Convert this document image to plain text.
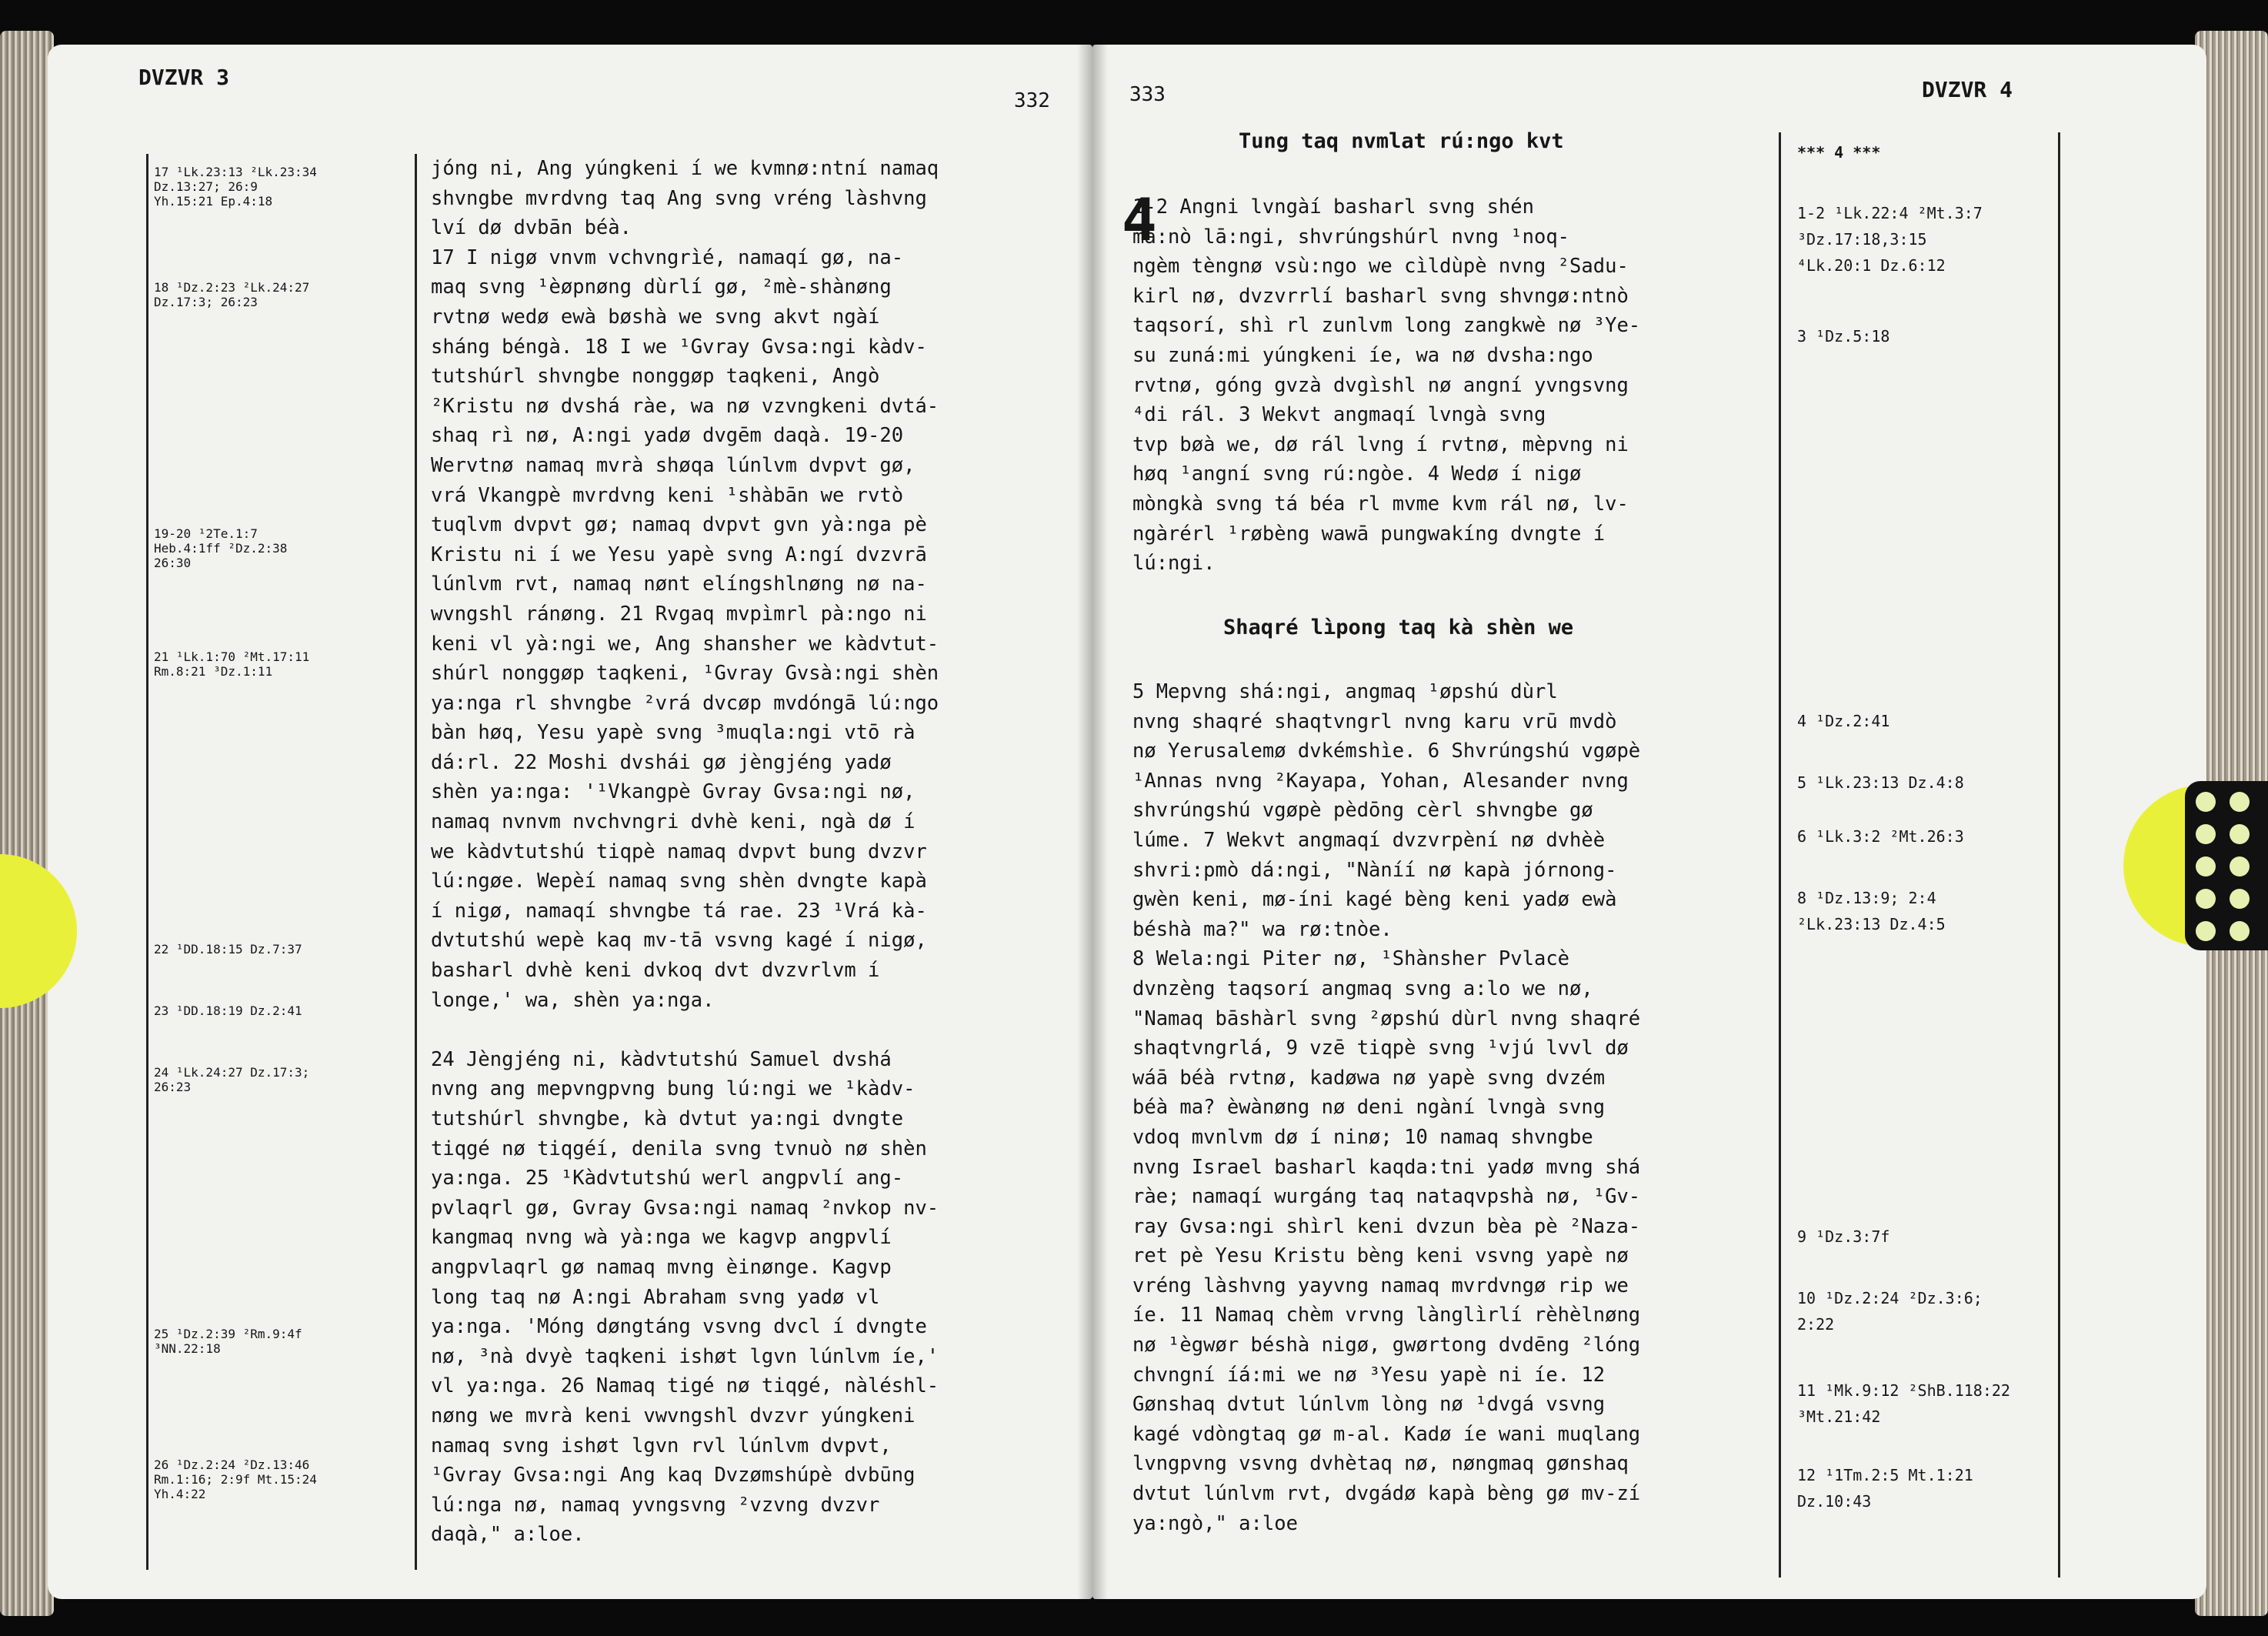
DVZVR 3
332
17 ¹Lk.23:13 ²Lk.23:34
Dz.13:27; 26:9
Yh.15:21 Ep.4:18
18 ¹Dz.2:23 ²Lk.24:27
Dz.17:3; 26:23
19-20 ¹2Te.1:7
Heb.4:1ff ²Dz.2:38
26:30
21 ¹Lk.1:70 ²Mt.17:11
Rm.8:21 ³Dz.1:11
22 ¹DD.18:15 Dz.7:37
23 ¹DD.18:19 Dz.2:41
24 ¹Lk.24:27 Dz.17:3;
26:23
25 ¹Dz.2:39 ²Rm.9:4f
³NN.22:18
26 ¹Dz.2:24 ²Dz.13:46
Rm.1:16; 2:9f Mt.15:24
Yh.4:22
jóng ni, Ang yúngkeni í we kvmnø:ntní namaq
shvngbe mvrdvng taq Ang svng vréng làshvng
lví dø dvbān béà.
17 I nigø vnvm vchvngrìé, namaqí gø, na-
maq svng ¹èøpnøng dùrlí gø, ²mè-shànøng
rvtnø wedø ewà bøshà we svng akvt ngàí
sháng béngà. 18 I we ¹Gvray Gvsa:ngi kàdv-
tutshúrl shvngbe nonggøp taqkeni, Angò
²Kristu nø dvshá ràe, wa nø vzvngkeni dvtá-
shaq rì nø, A:ngi yadø dvgēm daqà. 19-20
Wervtnø namaq mvrà shøqa lúnlvm dvpvt gø,
vrá Vkangpè mvrdvng keni ¹shàbān we rvtò
tuqlvm dvpvt gø; namaq dvpvt gvn yà:nga pè
Kristu ni í we Yesu yapè svng A:ngí dvzvrā
lúnlvm rvt, namaq nønt elíngshlnøng nø na-
wvngshl ránøng. 21 Rvgaq mvpìmrl pà:ngo ni
keni vl yà:ngi we, Ang shansher we kàdvtut-
shúrl nonggøp taqkeni, ¹Gvray Gvsà:ngi shèn
ya:nga rl shvngbe ²vrá dvcøp mvdóngā lú:ngo
bàn høq, Yesu yapè svng ³muqla:ngi vtō rà
dá:rl. 22 Moshi dvshái gø jèngjéng yadø
shèn ya:nga: '¹Vkangpè Gvray Gvsa:ngi nø,
namaq nvnvm nvchvngri dvhè keni, ngà dø í
we kàdvtutshú tiqpè namaq dvpvt bung dvzvr
lú:ngøe. Wepèí namaq svng shèn dvngte kapà
í nigø, namaqí shvngbe tá rae. 23 ¹Vrá kà-
dvtutshú wepè kaq mv-tā vsvng kagé í nigø,
basharl dvhè keni dvkoq dvt dvzvrlvm í
longe,' wa, shèn ya:nga.
24 Jèngjéng ni, kàdvtutshú Samuel dvshá
nvng ang mepvngpvng bung lú:ngi we ¹kàdv-
tutshúrl shvngbe, kà dvtut ya:ngi dvngte
tiqgé nø tiqgéí, denila svng tvnuò nø shèn
ya:nga. 25 ¹Kàdvtutshú werl angpvlí ang-
pvlaqrl gø, Gvray Gvsa:ngi namaq ²nvkop nv-
kangmaq nvng wà yà:nga we kagvp angpvlí
angpvlaqrl gø namaq mvng èinønge. Kagvp
long taq nø A:ngi Abraham svng yadø vl
ya:nga. 'Móng døngtáng vsvng dvcl í dvngte
nø, ³nà dvyè taqkeni ishøt lgvn lúnlvm íe,'
vl ya:nga. 26 Namaq tigé nø tiqgé, nàléshl-
nøng we mvrà keni vwvngshl dvzvr yúngkeni
namaq svng ishøt lgvn rvl lúnlvm dvpvt,
¹Gvray Gvsa:ngi Ang kaq Dvzømshúpè dvbūng
lú:nga nø, namaq yvngsvng ²vzvng dvzvr
daqà," a:loe.
333	DVZVR 4
Tung taq nvmlat rú:ngo kvt
4
1-2 Angni lvngàí basharl svng shén
mā:nò lā:ngi, shvrúngshúrl nvng ¹noq-
ngèm tèngnø vsù:ngo we cìldùpè nvng ²Sadu-
kirl nø, dvzvrrlí basharl svng shvngø:ntnò
taqsorí, shì rl zunlvm long zangkwè nø ³Ye-
su zuná:mi yúngkeni íe, wa nø dvsha:ngo
rvtnø, góng gvzà dvgìshl nø angní yvngsvng
⁴di rál. 3 Wekvt angmaqí lvngà svng
tvp bøà we, dø rál lvng í rvtnø, mèpvng ni
høq ¹angní svng rú:ngòe. 4 Wedø í nigø
mòngkà svng tá béa rl mvme kvm rál nø, lv-
ngàrérl ¹røbèng wawā pungwakíng dvngte í
lú:ngi.
Shaqré lìpong taq kà shèn we
5 Mepvng shá:ngi, angmaq ¹øpshú dùrl
nvng shaqré shaqtvngrl nvng karu vrū mvdò
nø Yerusalemø dvkémshìe. 6 Shvrúngshú vgøpè
¹Annas nvng ²Kayapa, Yohan, Alesander nvng
shvrúngshú vgøpè pèdōng cèrl shvngbe gø
lúme. 7 Wekvt angmaqí dvzvrpèní nø dvhèè
shvri:pmò dá:ngi, "Nàníí nø kapà jórnong-
gwèn keni, mø-íni kagé bèng keni yadø ewà
béshà ma?" wa rø:tnòe.
8 Wela:ngi Piter nø, ¹Shànsher Pvlacè
dvnzèng taqsorí angmaq svng a:lo we nø,
"Namaq bāshàrl svng ²øpshú dùrl nvng shaqré
shaqtvngrlá, 9 vzē tiqpè svng ¹vjú lvvl dø
wáā béà rvtnø, kadøwa nø yapè svng dvzém
béà ma? èwànøng nø deni ngàní lvngà svng
vdoq mvnlvm dø í ninø; 10 namaq shvngbe
nvng Israel basharl kaqda:tni yadø mvng shá
ràe; namaqí wurgáng taq nataqvpshà nø, ¹Gv-
ray Gvsa:ngi shìrl keni dvzun bèa pè ²Naza-
ret pè Yesu Kristu bèng keni vsvng yapè nø
vréng làshvng yayvng namaq mvrdvngø rip we
íe. 11 Namaq chèm vrvng lànglìrlí rèhèlnøng
nø ¹ègwør béshà nigø, gwørtong dvdēng ²lóng
chvngní íá:mi we nø ³Yesu yapè ni íe. 12
Gønshaq dvtut lúnlvm lòng nø ¹dvgá vsvng
kagé vdòngtaq gø m-al. Kadø íe wani muqlang
lvngpvng vsvng dvhètaq nø, nøngmaq gønshaq
dvtut lúnlvm rvt, dvgádø kapà bèng gø mv-zí
ya:ngò," a:loe
*** 4 ***
1-2 ¹Lk.22:4 ²Mt.3:7
³Dz.17:18,3:15
⁴Lk.20:1 Dz.6:12
3 ¹Dz.5:18
4 ¹Dz.2:41
5 ¹Lk.23:13 Dz.4:8
6 ¹Lk.3:2 ²Mt.26:3
8 ¹Dz.13:9; 2:4
²Lk.23:13 Dz.4:5
9 ¹Dz.3:7f
10 ¹Dz.2:24 ²Dz.3:6;
2:22
11 ¹Mk.9:12 ²ShB.118:22
³Mt.21:42
12 ¹1Tm.2:5 Mt.1:21
Dz.10:43
